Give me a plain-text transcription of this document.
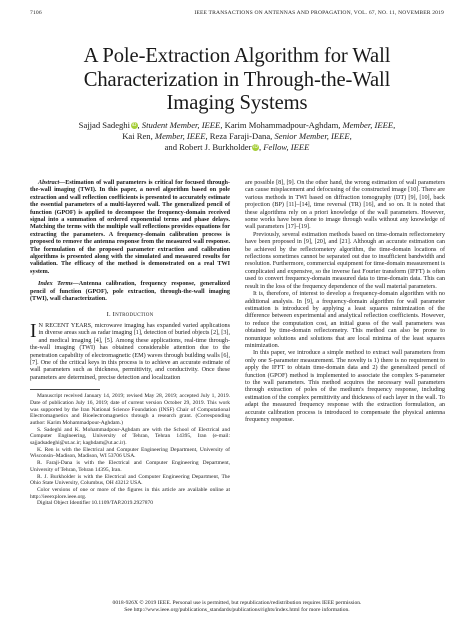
7106	IEEE TRANSACTIONS ON ANTENNAS AND PROPAGATION, VOL. 67, NO. 11, NOVEMBER 2019
A Pole-Extraction Algorithm for Wall
Characterization in Through-the-Wall
Imaging Systems
Sajjad Sadeghi iD, Student Member, IEEE, Karim Mohammadpour-Aghdam, Member, IEEE,
Kai Ren, Member, IEEE, Reza Faraji-Dana, Senior Member, IEEE,
and Robert J. Burkholder iD, Fellow, IEEE

Abstract—Estimation of wall parameters is critical for focused through-the-wall imaging (TWI). In this paper, a novel algorithm based on pole extraction and wall reflection coefficients is presented to accurately estimate the essential parameters of a multi-layered wall. The generalized pencil of function (GPOF) is applied to decompose the frequency-domain received signal into a summation of ordered exponential terms and phase delays. Matching the terms with the multiple wall reflections provides equations for extracting the parameters. A frequency-domain calibration process is proposed to remove the antenna response from the measured wall response. The formulation of the proposed parameter extraction and calibration algorithms is presented along with the simulated and measured results for validation. The efficacy of the method is demonstrated on a real TWI system.

Index Terms—Antenna calibration, frequency response, generalized pencil of function (GPOF), pole extraction, through-the-wall imaging (TWI), wall characterization.

I. Introduction

IN RECENT YEARS, microwave imaging has expanded varied applications in diverse areas such as radar imaging [1], detection of buried objects [2], [3], and medical imaging [4], [5]. Among these applications, real-time through-the-wall imaging (TWI) has obtained considerable attention due to the penetration capability of electromagnetic (EM) waves through building walls [6], [7]. One of the critical keys in this process is to achieve an accurate estimate of wall parameters such as thickness, permittivity, and conductivity. Once these parameters are determined, precise detection and localization

Manuscript received January 14, 2019; revised May 28, 2019; accepted July 1, 2019. Date of publication July 16, 2019; date of current version October 29, 2019. This work was supported by the Iran National Science Foundation (INSF) Chair of Computational Electromagnetics and Bioelectromagnetics through a research grant. (Corresponding author: Karim Mohammadpour-Aghdam.)

S. Sadeghi and K. Mohammadpour-Aghdam are with the School of Electrical and Computer Engineering, University of Tehran, Tehran 14395, Iran (e-mail: sajjadsadeghi@ut.ac.ir; kaghdam@ut.ac.ir).

K. Ren is with the Electrical and Computer Engineering Department, University of Wisconsin–Madison, Madison, WI 53706 USA.

R. Faraji-Dana is with the Electrical and Computer Engineering Department, University of Tehran, Tehran 14395, Iran.

R. J. Burkholder is with the Electrical and Computer Engineering Department, The Ohio State University, Columbus, OH 43212 USA.

Color versions of one or more of the figures in this article are available online at http://ieeexplore.ieee.org.

Digital Object Identifier 10.1109/TAP.2019.2927870

are possible [8], [9]. On the other hand, the wrong estimation of wall parameters can cause misplacement and defocusing of the constructed image [10]. There are various methods in TWI based on diffraction tomography (DT) [9], [10], back projection (BP) [11]–[14], time reversal (TR) [16], and so on. It is noted that these algorithms rely on a priori knowledge of the wall parameters. However, some works have been done to image through walls without any knowledge of wall parameters [17]–[19].

Previously, several estimation methods based on time-domain reflectometery have been proposed in [9], [20], and [21]. Although an accurate estimation can be achieved by the reflectometery algorithm, the time-domain locations of reflections sometimes cannot be separated out due to insufficient bandwidth and resolution. Furthermore, commercial equipment for time-domain measurement is complicated and expensive, so the inverse fast Fourier transform (IFFT) is often used to convert frequency-domain measured data to time-domain data. This can result in the loss of the frequency dependence of the wall material parameters.

It is, therefore, of interest to develop a frequency-domain algorithm with no additional analysis. In [9], a frequency-domain algorithm for wall parameter estimation is introduced by applying a least squares minimization of the difference between experimental and analytical reflection coefficients. However, to reduce the computation cost, an initial guess of the wall parameters was obtained by time-domain reflectometry. This method can also be prone to nonunique solutions and solutions that are local minima of the least squares minimization.

In this paper, we introduce a simple method to extract wall parameters from only one S-parameter measurement. The novelty is 1) there is no requirement to apply the IFFT to obtain time-domain data and 2) the generalized pencil of function (GPOF) method is implemented to associate the complex S-parameter to the wall parameters. This method acquires the necessary wall parameters through extraction of poles of the medium's frequency response, including estimation of the complex permittivity and thickness of each layer in the wall. To adapt the measured frequency response with the extraction formulation, an accurate calibration process is introduced to compensate the physical antenna frequency response.

0018-926X © 2019 IEEE. Personal use is permitted, but republication/redistribution requires IEEE permission.
See http://www.ieee.org/publications_standards/publications/rights/index.html for more information.
